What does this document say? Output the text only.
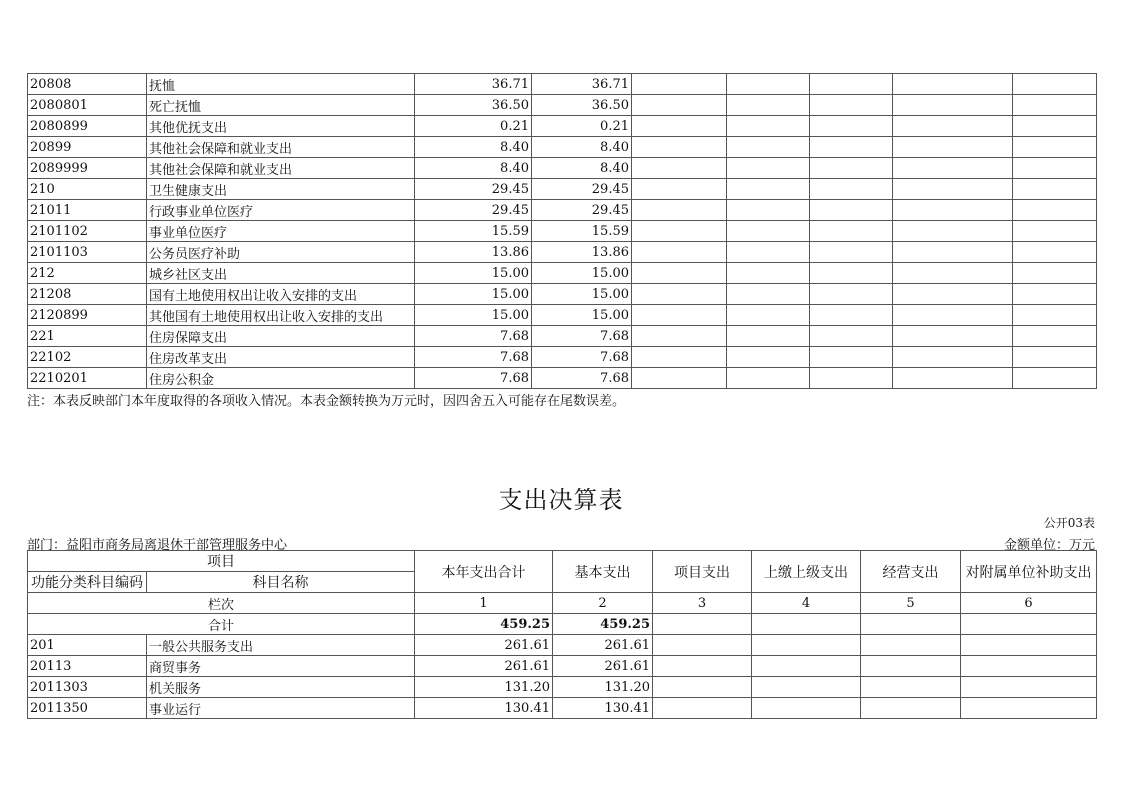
20808	抚恤	36.71	36.71					
2080801	死亡抚恤	36.50	36.50					
2080899	其他优抚支出	0.21	0.21					
20899	其他社会保障和就业支出	8.40	8.40					
2089999	其他社会保障和就业支出	8.40	8.40					
210	卫生健康支出	29.45	29.45					
21011	行政事业单位医疗	29.45	29.45					
2101102	事业单位医疗	15.59	15.59					
2101103	公务员医疗补助	13.86	13.86					
212	城乡社区支出	15.00	15.00					
21208	国有土地使用权出让收入安排的支出	15.00	15.00					
2120899	其他国有土地使用权出让收入安排的支出	15.00	15.00					
221	住房保障支出	7.68	7.68					
22102	住房改革支出	7.68	7.68					
2210201	住房公积金	7.68	7.68					
注：本表反映部门本年度取得的各项收入情况。本表金额转换为万元时，因四舍五入可能存在尾数误差。
支出决算表
公开03表
部门：益阳市商务局离退休干部管理服务中心	金额单位：万元
项目		本年支出合计	基本支出	项目支出	上缴上级支出	经营支出	对附属单位补助支出
功能分类科目编码	科目名称						
栏次		1	2	3	4	5	6
合计		459.25	459.25				
201	一般公共服务支出	261.61	261.61				
20113	商贸事务	261.61	261.61				
2011303	机关服务	131.20	131.20				
2011350	事业运行	130.41	130.41				
